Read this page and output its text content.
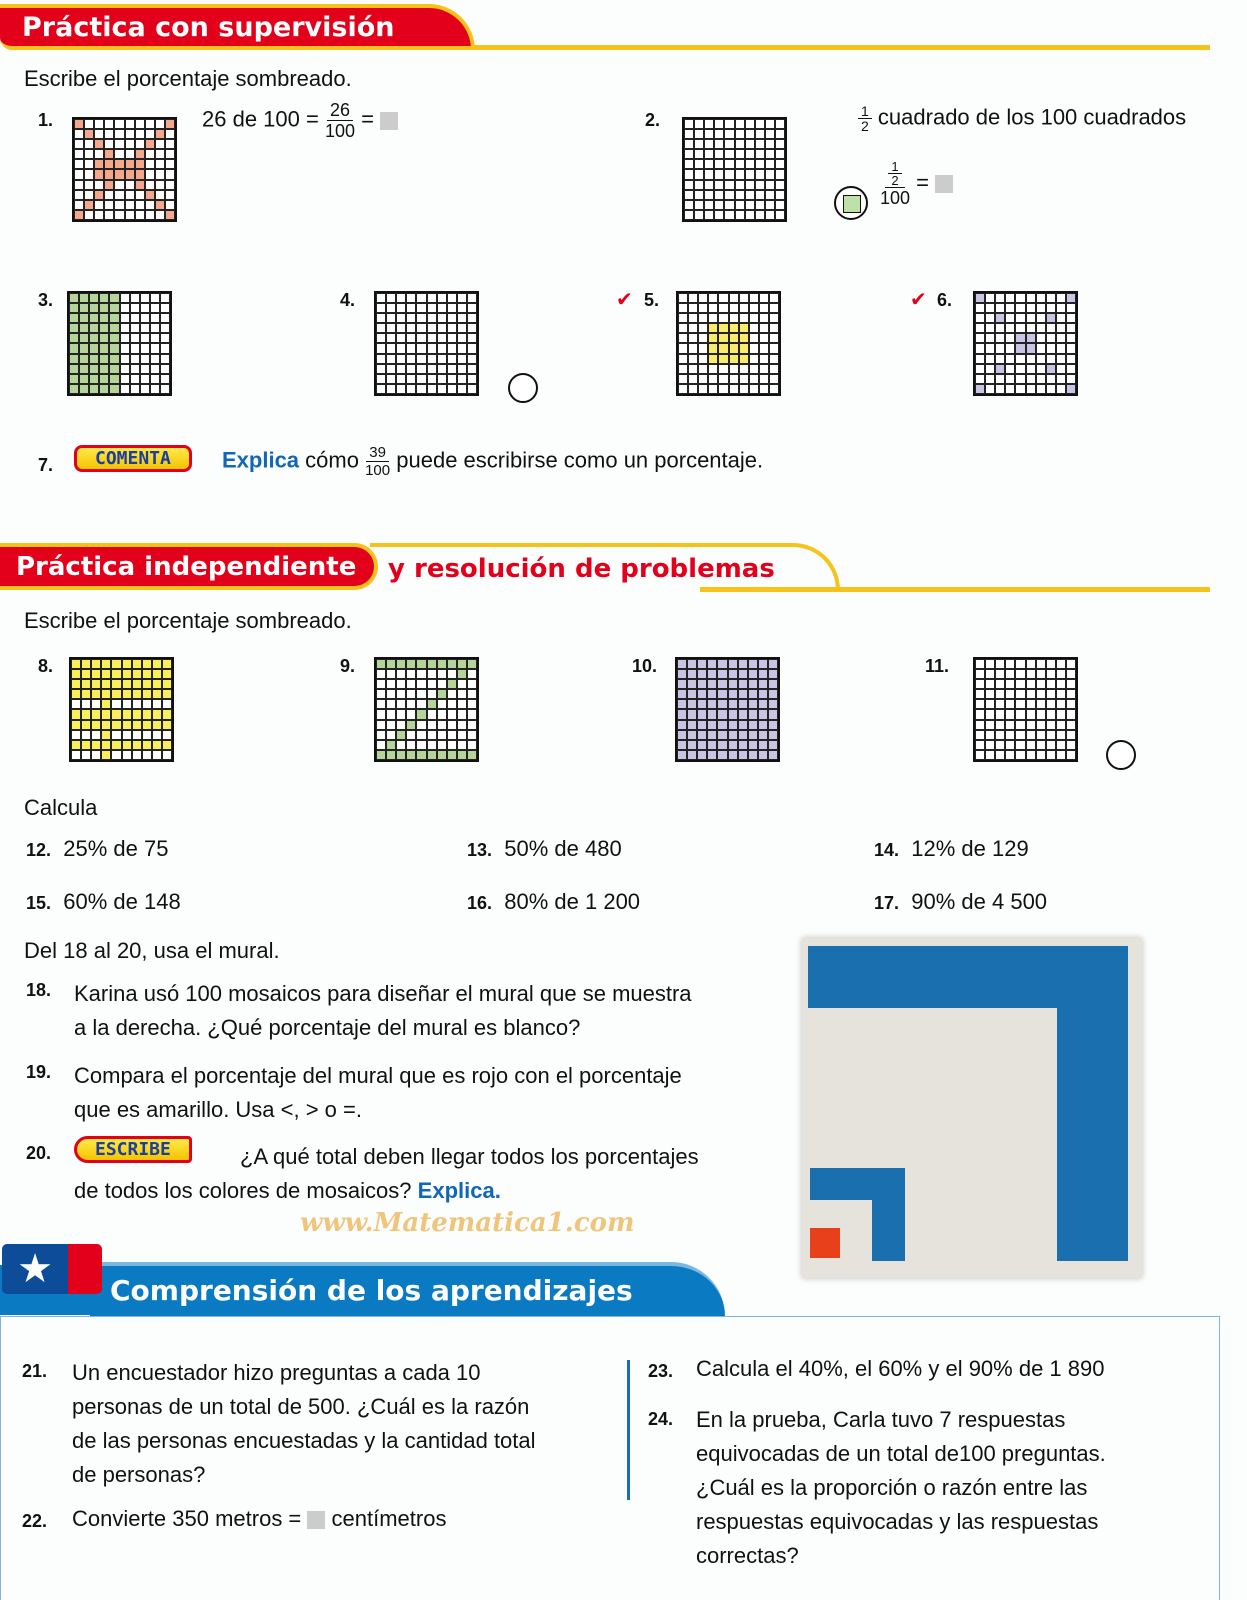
Práctica con supervisión
Escribe el porcentaje sombreado.
1.	26 de $100 = \frac{26}{100}$ =	2.	$\frac{1}{2}$ cuadrado de los 100 cuadrados
$\frac{\frac{1}{2}}{100}$ =
3.	4.	✔ 5.	✔ 6.
7.	COMENTA	Explica cómo $\frac{39}{100}$ puede escribirse como un porcentaje.
y resolución de problemas
Práctica independiente
Escribe el porcentaje sombreado.
8.	9.	10.	11.
www.Matematica1.com
Calcula
12. 25% de 75	13. 50% de 480	14. 12% de 129
15. 60% de 148	16. 80% de 1 200	17. 90% de 4 500
Del 18 al 20, usa el mural.
18. Karina usó 100 mosaicos para diseñar el mural que se muestra
a la derecha. ¿Qué porcentaje del mural es blanco?
19. Compara el porcentaje del mural que es rojo con el porcentaje
que es amarillo. Usa <, > o =.
20.	ESCRIBE	¿A qué total deben llegar todos los porcentajes
de todos los colores de mosaicos? Explica.
Comprensión de los aprendizajes
★
21. Un encuestador hizo preguntas a cada 10
personas de un total de 500. ¿Cuál es la razón
de las personas encuestadas y la cantidad total
de personas?
22. Convierte 350 metros = centímetros
23. Calcula el 40%, el 60% y el 90% de 1 890
24. En la prueba, Carla tuvo 7 respuestas
equivocadas de un total de100 preguntas.
¿Cuál es la proporción o razón entre las
respuestas equivocadas y las respuestas
correctas?
